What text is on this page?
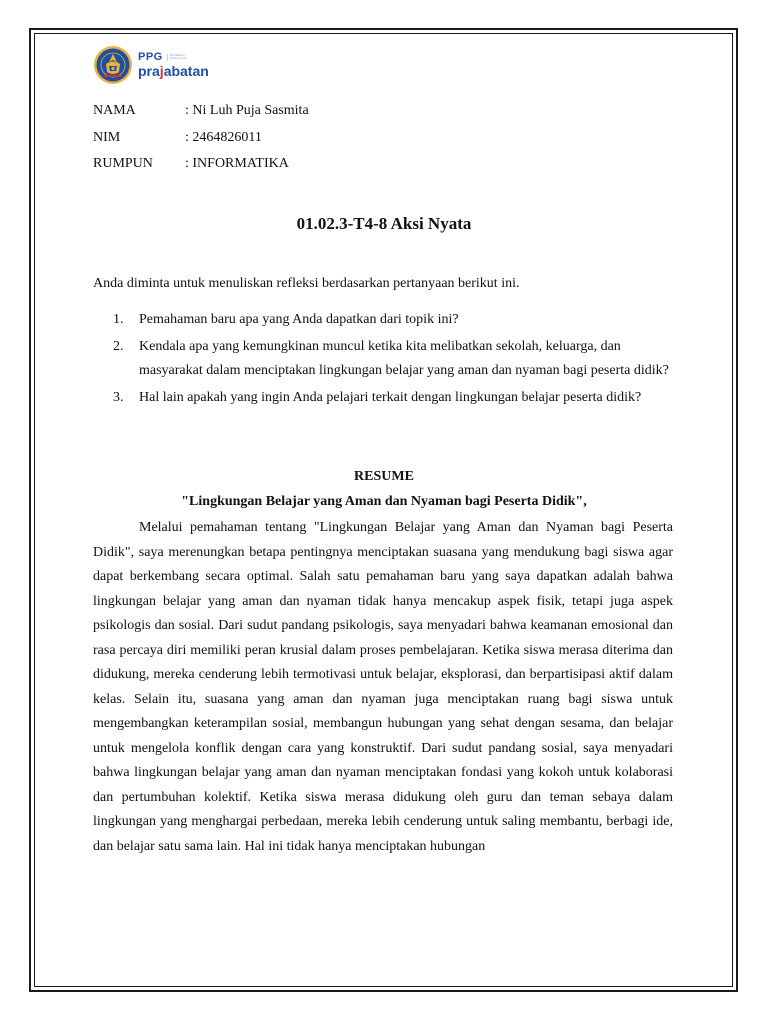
PPG	Pendidikan Profesi Guru
prajabatan
NAMA	: Ni Luh Puja Sasmita
NIM	: 2464826011
RUMPUN	: INFORMATIKA
01.02.3-T4-8 Aksi Nyata
Anda diminta untuk menuliskan refleksi berdasarkan pertanyaan berikut ini.
1.	Pemahaman baru apa yang Anda dapatkan dari topik ini?
2.	Kendala apa yang kemungkinan muncul ketika kita melibatkan sekolah, keluarga, dan masyarakat dalam menciptakan lingkungan belajar yang aman dan nyaman bagi peserta didik?
3.	Hal lain apakah yang ingin Anda pelajari terkait dengan lingkungan belajar peserta didik?
RESUME
"Lingkungan Belajar yang Aman dan Nyaman bagi Peserta Didik",

Melalui pemahaman tentang "Lingkungan Belajar yang Aman dan Nyaman bagi Peserta Didik", saya merenungkan betapa pentingnya menciptakan suasana yang mendukung bagi siswa agar dapat berkembang secara optimal. Salah satu pemahaman baru yang saya dapatkan adalah bahwa lingkungan belajar yang aman dan nyaman tidak hanya mencakup aspek fisik, tetapi juga aspek psikologis dan sosial. Dari sudut pandang psikologis, saya menyadari bahwa keamanan emosional dan rasa percaya diri memiliki peran krusial dalam proses pembelajaran. Ketika siswa merasa diterima dan didukung, mereka cenderung lebih termotivasi untuk belajar, eksplorasi, dan berpartisipasi aktif dalam kelas. Selain itu, suasana yang aman dan nyaman juga menciptakan ruang bagi siswa untuk mengembangkan keterampilan sosial, membangun hubungan yang sehat dengan sesama, dan belajar untuk mengelola konflik dengan cara yang konstruktif. Dari sudut pandang sosial, saya menyadari bahwa lingkungan belajar yang aman dan nyaman menciptakan fondasi yang kokoh untuk kolaborasi dan pertumbuhan kolektif. Ketika siswa merasa didukung oleh guru dan teman sebaya dalam lingkungan yang menghargai perbedaan, mereka lebih cenderung untuk saling membantu, berbagi ide, dan belajar satu sama lain. Hal ini tidak hanya menciptakan hubungan
